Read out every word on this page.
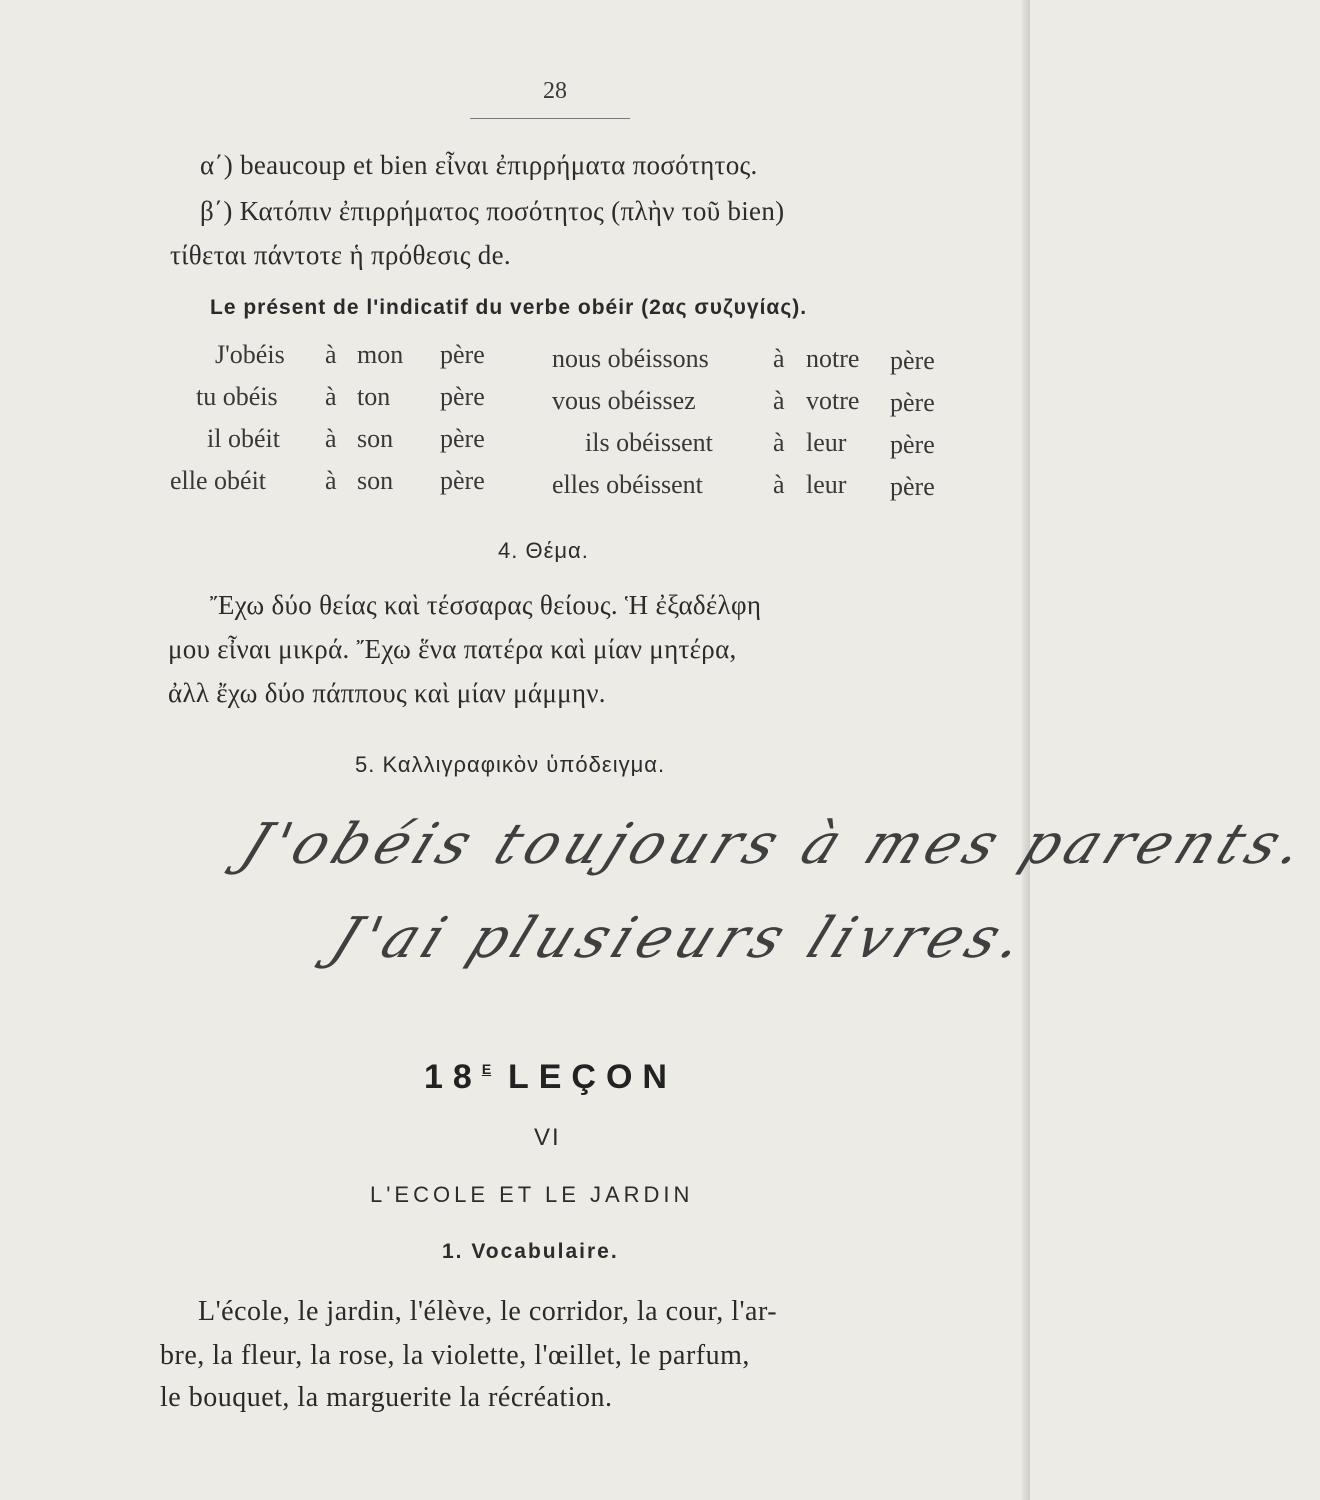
28
α΄) beaucoup et bien εἶναι ἐπιρρήματα ποσότητος.
β΄) Κατόπιν ἐπιρρήματος ποσότητος (πλὴν τοῦ bien)
τίθεται πάντοτε ἡ πρόθεσις de.
Le présent de l'indicatif du verbe obéir (2ας συζυγίας).
J'obéis à mon père	nous obéissons à notre père
tu obéis à ton père	vous obéissez	à votre père
il obéit à son père	ils obéissent à leur père
elle obéit à son père	elles obéissent	à leur père
4. Θέμα.
Ἔχω δύο θείας καὶ τέσσαρας θείους. Ἡ ἐξαδέλφη
μου εἶναι μικρά. Ἔχω ἕνα πατέρα καὶ μίαν μητέρα,
ἀλλ ἔχω δύο πάππους καὶ μίαν μάμμην.
5. Καλλιγραφικὸν ὑπόδειγμα.
J'obéis toujours à mes parents.
J'ai plusieurs livres.
$18^E$  LEÇON
VI
L'ECOLE ET LE JARDIN
1. Vocabulaire.
L'école, le jardin, l'élève, le corridor, la cour, l'ar-
bre, la fleur, la rose, la violette, l'œillet, le parfum,
le bouquet, la marguerite la récréation.
